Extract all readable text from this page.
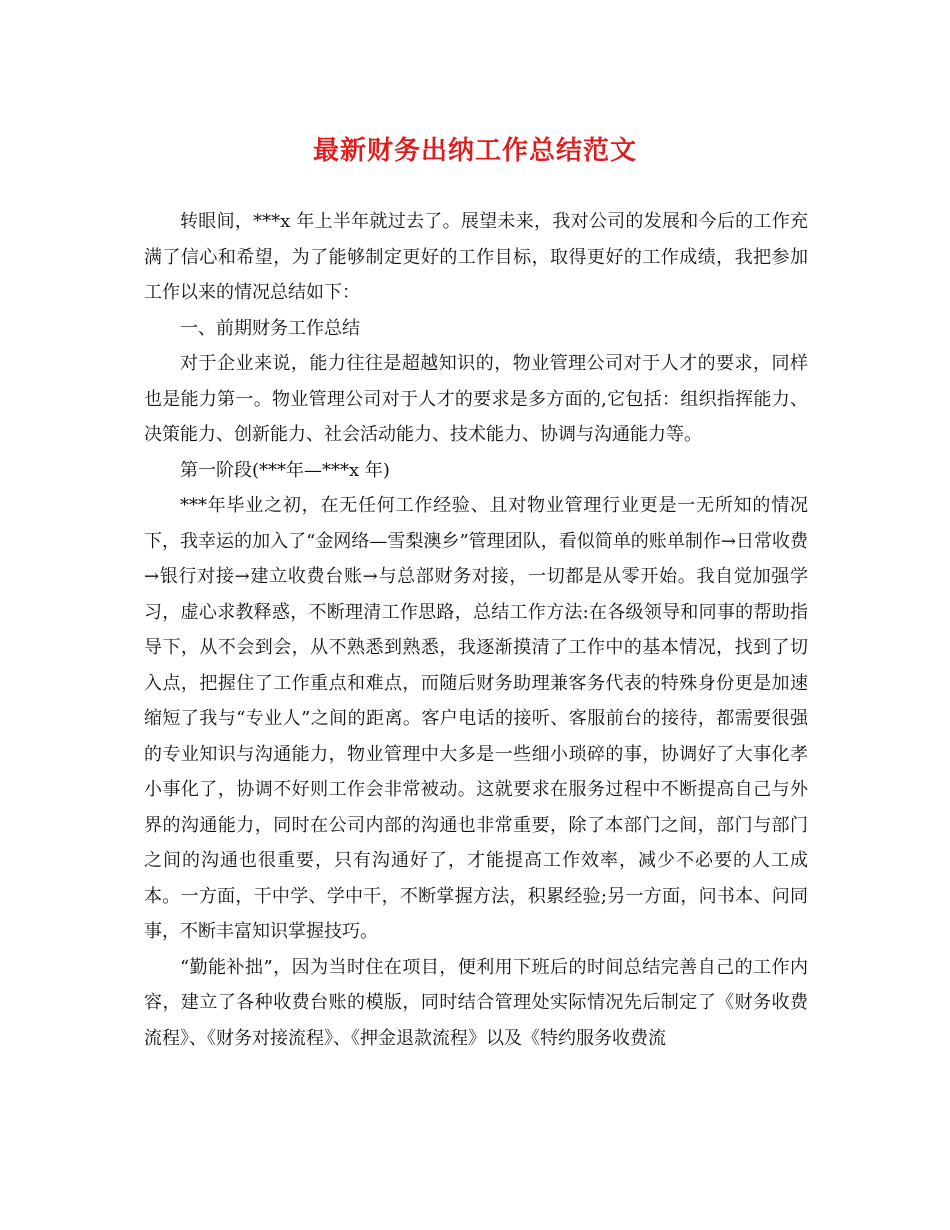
最新财务出纳工作总结范文

转眼间，***x 年上半年就过去了。展望未来，我对公司的发展和今后的工作充满了信心和希望，为了能够制定更好的工作目标，取得更好的工作成绩，我把参加工作以来的情况总结如下：

一、前期财务工作总结

对于企业来说，能力往往是超越知识的，物业管理公司对于人才的要求，同样也是能力第一。物业管理公司对于人才的要求是多方面的,它包括：组织指挥能力、决策能力、创新能力、社会活动能力、技术能力、协调与沟通能力等。

第一阶段(***年—***x 年)

***年毕业之初，在无任何工作经验、且对物业管理行业更是一无所知的情况下，我幸运的加入了“金网络—雪梨澳乡”管理团队，看似简单的账单制作→日常收费→银行对接→建立收费台账→与总部财务对接，一切都是从零开始。我自觉加强学习，虚心求教释惑，不断理清工作思路，总结工作方法:在各级领导和同事的帮助指导下，从不会到会，从不熟悉到熟悉，我逐渐摸清了工作中的基本情况，找到了切入点，把握住了工作重点和难点，而随后财务助理兼客务代表的特殊身份更是加速缩短了我与“专业人”之间的距离。客户电话的接听、客服前台的接待，都需要很强的专业知识与沟通能力，物业管理中大多是一些细小琐碎的事，协调好了大事化孝小事化了，协调不好则工作会非常被动。这就要求在服务过程中不断提高自己与外界的沟通能力，同时在公司内部的沟通也非常重要，除了本部门之间，部门与部门之间的沟通也很重要，只有沟通好了，才能提高工作效率，减少不必要的人工成本。一方面，干中学、学中干，不断掌握方法，积累经验;另一方面，问书本、问同事，不断丰富知识掌握技巧。

“勤能补拙”，因为当时住在项目，便利用下班后的时间总结完善自己的工作内容，建立了各种收费台账的模版，同时结合管理处实际情况先后制定了《财务收费流程》、《财务对接流程》、《押金退款流程》以及《特约服务收费流
